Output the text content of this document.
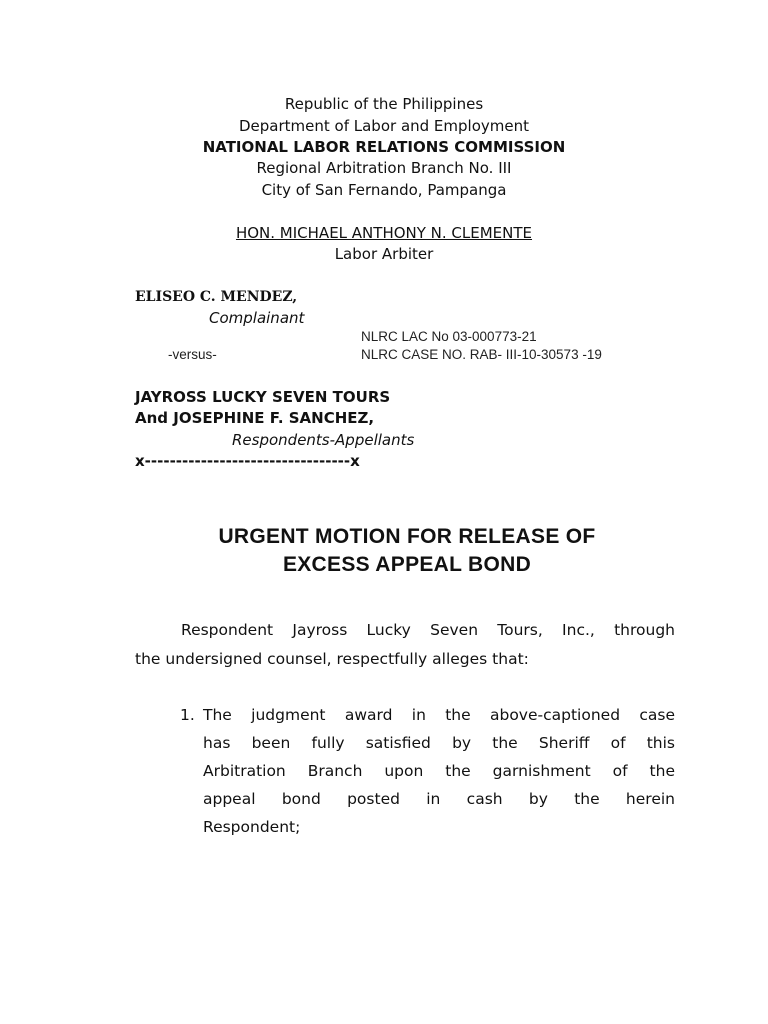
Republic of the Philippines
Department of Labor and Employment
NATIONAL LABOR RELATIONS COMMISSION
Regional Arbitration Branch No. III
City of San Fernando, Pampanga
HON. MICHAEL ANTHONY N. CLEMENTE
Labor Arbiter
ELISEO C. MENDEZ,
Complainant
NLRC LAC No 03-000773-21
-versus-	NLRC CASE NO. RAB- III-10-30573 -19
JAYROSS LUCKY SEVEN TOURS
And JOSEPHINE F. SANCHEZ,
Respondents-Appellants
x---------------------------------x
URGENT MOTION FOR RELEASE OF
EXCESS APPEAL BOND
Respondent Jayross Lucky Seven Tours, Inc., through
the undersigned counsel, respectfully alleges that:
1. The judgment award in the above-captioned case
has been fully satisfied by the Sheriff of this
Arbitration Branch upon the garnishment of the
appeal bond posted in cash by the herein
Respondent;
